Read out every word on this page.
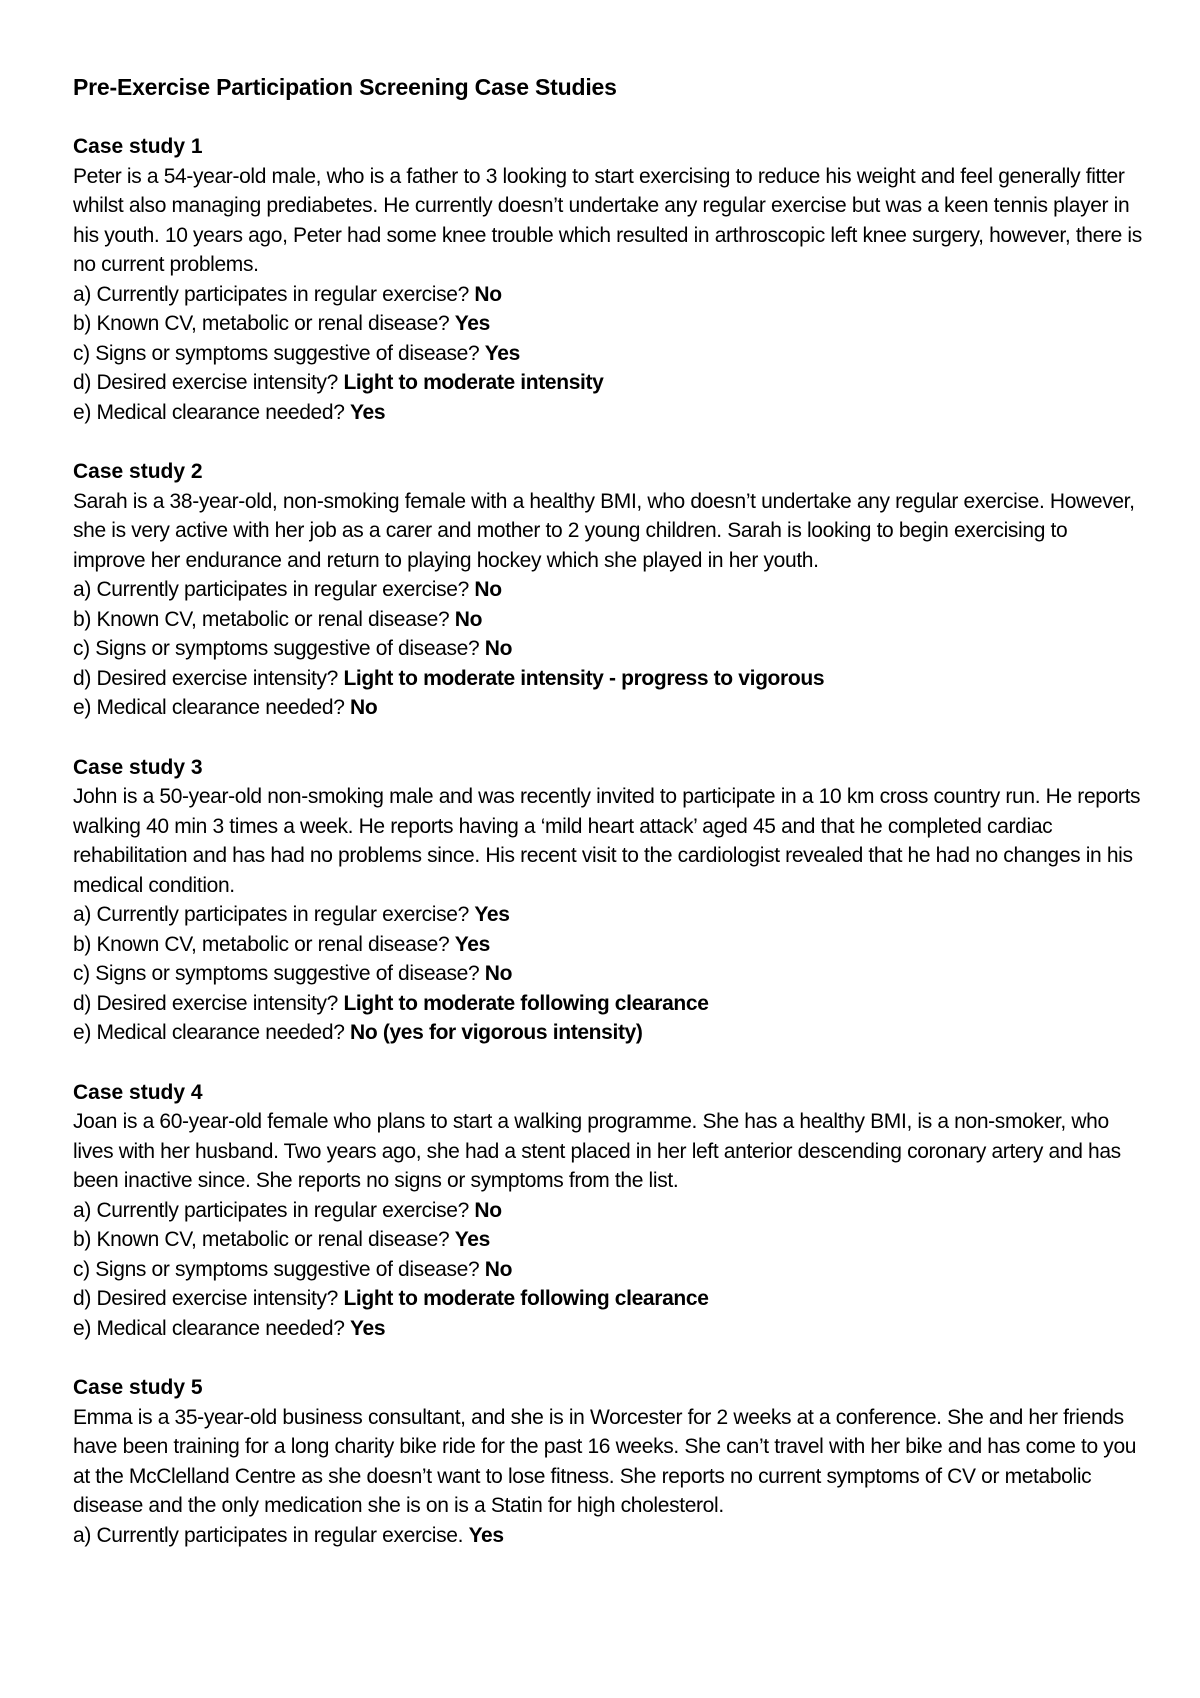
Pre-Exercise Participation Screening Case Studies

Case study 1

Peter is a 54-year-old male, who is a father to 3 looking to start exercising to reduce his weight and feel generally fitter whilst also managing prediabetes. He currently doesn’t undertake any regular exercise but was a keen tennis player in his youth. 10 years ago, Peter had some knee trouble which resulted in arthroscopic left knee surgery, however, there is no current problems.

a) Currently participates in regular exercise? No

b) Known CV, metabolic or renal disease? Yes

c) Signs or symptoms suggestive of disease? Yes

d) Desired exercise intensity? Light to moderate intensity

e) Medical clearance needed? Yes

Case study 2

Sarah is a 38-year-old, non-smoking female with a healthy BMI, who doesn’t undertake any regular exercise. However, she is very active with her job as a carer and mother to 2 young children. Sarah is looking to begin exercising to improve her endurance and return to playing hockey which she played in her youth.

a) Currently participates in regular exercise? No

b) Known CV, metabolic or renal disease? No

c) Signs or symptoms suggestive of disease? No

d) Desired exercise intensity? Light to moderate intensity - progress to vigorous

e) Medical clearance needed? No

Case study 3

John is a 50-year-old non-smoking male and was recently invited to participate in a 10 km cross country run. He reports walking 40 min 3 times a week. He reports having a ‘mild heart attack’ aged 45 and that he completed cardiac rehabilitation and has had no problems since. His recent visit to the cardiologist revealed that he had no changes in his medical condition.

a) Currently participates in regular exercise? Yes

b) Known CV, metabolic or renal disease? Yes

c) Signs or symptoms suggestive of disease? No

d) Desired exercise intensity? Light to moderate following clearance

e) Medical clearance needed? No (yes for vigorous intensity)

Case study 4

Joan is a 60-year-old female who plans to start a walking programme. She has a healthy BMI, is a non-smoker, who lives with her husband. Two years ago, she had a stent placed in her left anterior descending coronary artery and has been inactive since. She reports no signs or symptoms from the list.

a) Currently participates in regular exercise? No

b) Known CV, metabolic or renal disease? Yes

c) Signs or symptoms suggestive of disease? No

d) Desired exercise intensity? Light to moderate following clearance

e) Medical clearance needed? Yes

Case study 5

Emma is a 35-year-old business consultant, and she is in Worcester for 2 weeks at a conference. She and her friends have been training for a long charity bike ride for the past 16 weeks. She can’t travel with her bike and has come to you at the McClelland Centre as she doesn’t want to lose fitness. She reports no current symptoms of CV or metabolic disease and the only medication she is on is a Statin for high cholesterol.

a) Currently participates in regular exercise. Yes
